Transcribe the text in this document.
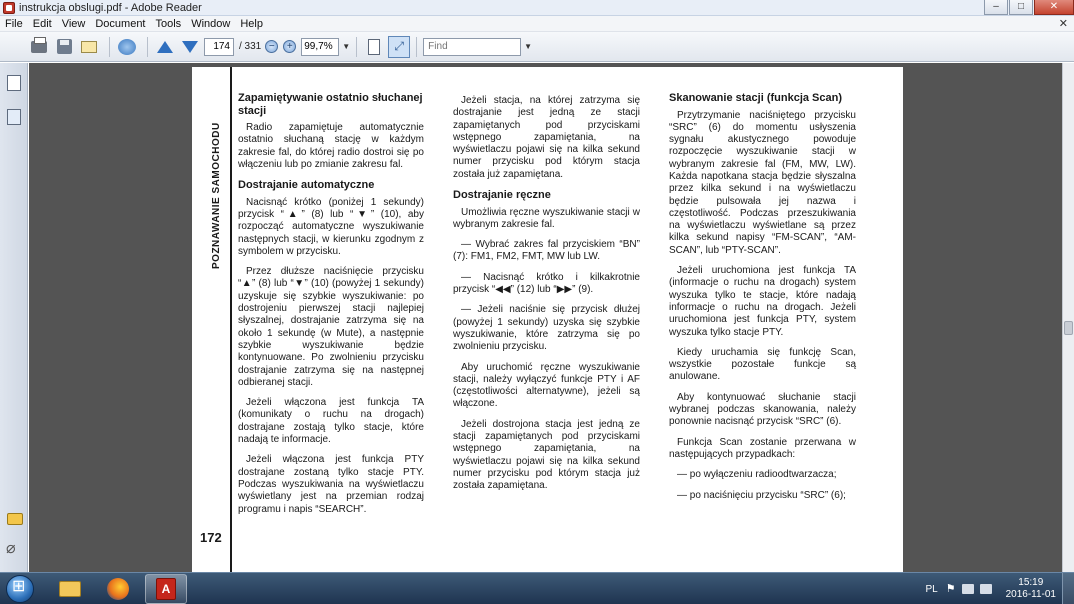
instrukcja obslugi.pdf - Adobe Reader	–	□	✕
File Edit View Document Tools Window Help	✕
174
/ 331 −	+
99,7%	▼	⤢
Find	▼
⌀
POZNAWANIE SAMOCHODU
172
Zapamiętywanie ostatnio słuchanej stacji

Radio zapamiętuje automatycznie ostatnio słuchaną stację w każdym zakresie fal, do której radio dostroi się po włączeniu lub po zmianie zakresu fal.

Dostrajanie automatyczne

Nacisnąć krótko (poniżej 1 sekundy) przycisk “▲” (8) lub “▼” (10), aby rozpocząć automatyczne wyszukiwanie następnych stacji, w kierunku zgodnym z symbolem w przycisku.

Przez dłuższe naciśnięcie przycisku “▲” (8) lub “▼” (10) (powyżej 1 sekundy) uzyskuje się szybkie wyszukiwanie: po dostrojeniu pierwszej stacji najlepiej słyszalnej, dostrajanie zatrzyma się na około 1 sekundę (w Mute), a następnie szybkie wyszukiwanie będzie kontynuowane. Po zwolnieniu przycisku dostrajanie zatrzyma się na następnej odbieranej stacji.

Jeżeli włączona jest funkcja TA (komunikaty o ruchu na drogach) dostrajane zostają tylko stacje, które nadają te informacje.

Jeżeli włączona jest funkcja PTY dostrajane zostaną tylko stacje PTY. Podczas wyszukiwania na wyświetlaczu wyświetlany jest na przemian rodzaj programu i napis “SEARCH”.

Jeżeli stacja, na której zatrzyma się dostrajanie jest jedną ze stacji zapamiętanych pod przyciskami wstępnego zapamiętania, na wyświetlaczu pojawi się na kilka sekund numer przycisku pod którym stacja została już zapamiętana.

Dostrajanie ręczne

Umożliwia ręczne wyszukiwanie stacji w wybranym zakresie fal.

— Wybrać zakres fal przyciskiem “BN” (7): FM1, FM2, FMT, MW lub LW.

— Nacisnąć krótko i kilkakrotnie przycisk “◀◀” (12) lub “▶▶” (9).

— Jeżeli naciśnie się przycisk dłużej (powyżej 1 sekundy) uzyska się szybkie wyszukiwanie, które zatrzyma się po zwolnieniu przycisku.

Aby uruchomić ręczne wyszukiwanie stacji, należy wyłączyć funkcje PTY i AF (częstotliwości alternatywne), jeżeli są włączone.

Jeżeli dostrojona stacja jest jedną ze stacji zapamiętanych pod przyciskami wstępnego zapamiętania, na wyświetlaczu pojawi się na kilka sekund numer przycisku pod którym stacja już została zapamiętana.

Skanowanie stacji (funkcja Scan)

Przytrzymanie naciśniętego przycisku “SRC” (6) do momentu usłyszenia sygnału akustycznego powoduje rozpoczęcie wyszukiwanie stacji w wybranym zakresie fal (FM, MW, LW). Każda napotkana stacja będzie słyszalna przez kilka sekund i na wyświetlaczu będzie pulsowała jej nazwa i częstotliwość. Podczas przeszukiwania na wyświetlaczu wyświetlane są przez kilka sekund napisy “FM-SCAN”, “AM-SCAN”, lub “PTY-SCAN”.

Jeżeli uruchomiona jest funkcja TA (informacje o ruchu na drogach) system wyszuka tylko te stacje, które nadają informacje o ruchu na drogach. Jeżeli uruchomiona jest funkcja PTY, system wyszuka tylko stacje PTY.

Kiedy uruchamia się funkcję Scan, wszystkie pozostałe funkcje są anulowane.

Aby kontynuować słuchanie stacji wybranej podczas skanowania, należy ponownie nacisnąć przycisk “SRC” (6).

Funkcja Scan zostanie przerwana w następujących przypadkach:

— po wyłączeniu radioodtwarzacza;

— po naciśnięciu przycisku “SRC” (6);

⊞
A	PL ⚑	15:19
2016-11-01
